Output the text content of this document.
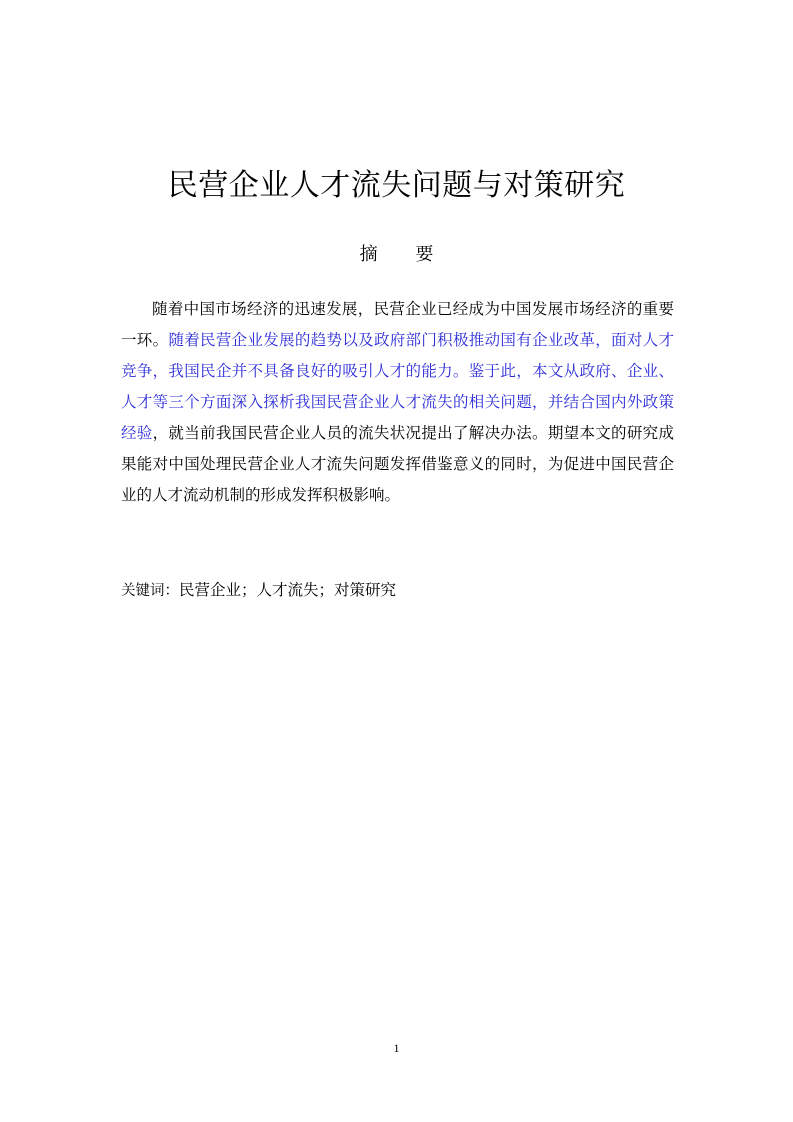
民营企业人才流失问题与对策研究
摘 要
随着中国市场经济的迅速发展，民营企业已经成为中国发展市场经济的重要一环。随着民营企业发展的趋势以及政府部门积极推动国有企业改革，面对人才竞争，我国民企并不具备良好的吸引人才的能力。鉴于此，本文从政府、企业、人才等三个方面深入探析我国民营企业人才流失的相关问题，并结合国内外政策经验，就当前我国民营企业人员的流失状况提出了解决办法。期望本文的研究成果能对中国处理民营企业人才流失问题发挥借鉴意义的同时，为促进中国民营企业的人才流动机制的形成发挥积极影响。
关键词：民营企业；人才流失；对策研究
1
